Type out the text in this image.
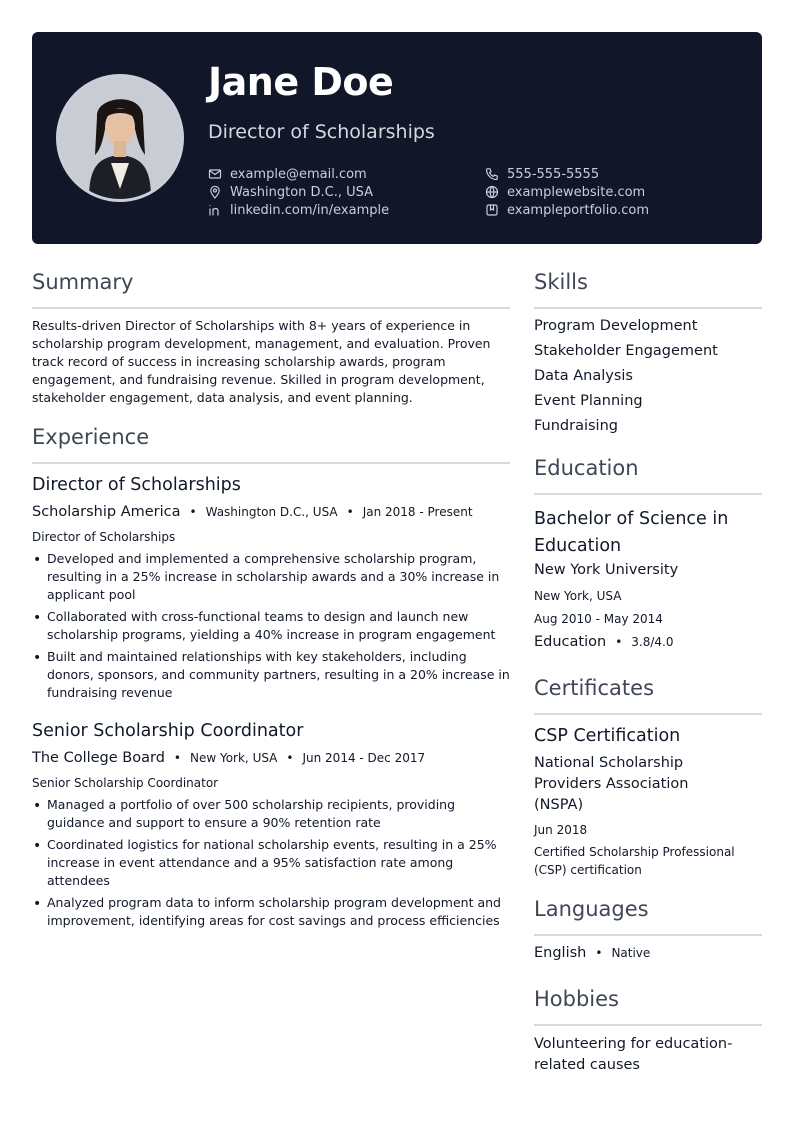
Jane Doe
Director of Scholarships
example@email.com
Washington D.C., USA
linkedin.com/in/example
555-555-5555
examplewebsite.com
exampleportfolio.com
Summary
Results-driven Director of Scholarships with 8+ years of experience in scholarship program development, management, and evaluation. Proven track record of success in increasing scholarship awards, program engagement, and fundraising revenue. Skilled in program development, stakeholder engagement, data analysis, and event planning.
Experience
Director of Scholarships
Scholarship America • Washington D.C., USA • Jan 2018 - Present
Director of Scholarships
• Developed and implemented a comprehensive scholarship program, resulting in a 25% increase in scholarship awards and a 30% increase in applicant pool
• Collaborated with cross-functional teams to design and launch new scholarship programs, yielding a 40% increase in program engagement
• Built and maintained relationships with key stakeholders, including donors, sponsors, and community partners, resulting in a 20% increase in fundraising revenue
Senior Scholarship Coordinator
The College Board • New York, USA • Jun 2014 - Dec 2017
Senior Scholarship Coordinator
• Managed a portfolio of over 500 scholarship recipients, providing guidance and support to ensure a 90% retention rate
• Coordinated logistics for national scholarship events, resulting in a 25% increase in event attendance and a 95% satisfaction rate among attendees
• Analyzed program data to inform scholarship program development and improvement, identifying areas for cost savings and process efficiencies
Skills
Program Development
Stakeholder Engagement
Data Analysis
Event Planning
Fundraising
Education
Bachelor of Science in Education
New York University
New York, USA
Aug 2010 - May 2014
Education • 3.8/4.0
Certificates
CSP Certification
National Scholarship Providers Association (NSPA)
Jun 2018
Certified Scholarship Professional (CSP) certification
Languages
English • Native
Hobbies
Volunteering for education-related causes
